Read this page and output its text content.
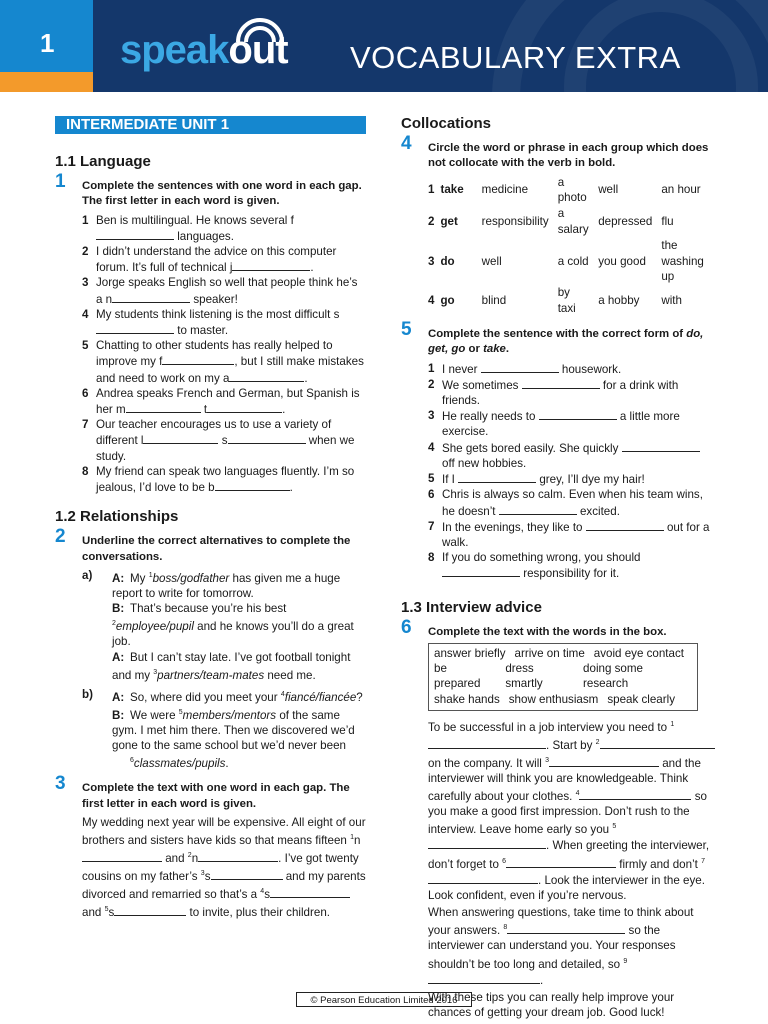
1	speakout VOCABULARY EXTRA
INTERMEDIATE UNIT 1
1.1 Language
1 Complete the sentences with one word in each gap. The first letter in each word is given.
1 Ben is multilingual. He knows several f languages.
2 I didn’t understand the advice on this computer forum. It’s full of technical j	.
3 Jorge speaks English so well that people think he’s a n	speaker!
4 My students think listening is the most difficult s to master.
5 Chatting to other students has really helped to improve my f	, but I still make mistakes and need to work on my a	.
6 Andrea speaks French and German, but Spanish is her m	t	.
7 Our teacher encourages us to use a variety of different l	s	when we study.
8 My friend can speak two languages fluently. I’m so jealous, I’d love to be b	.
1.2 Relationships
2 Underline the correct alternatives to complete the conversations.
a) A: My $^1$boss/godfather has given me a huge report to write for tomorrow.
B: That’s because you’re his best $^2$employee/pupil and he knows you’ll do a great job.
A: But I can’t stay late. I’ve got football tonight and my $^3$partners/team-mates need me.
b) A: So, where did you meet your $^4$fiancé/fiancée?
B: We were $^5$members/mentors of the same gym. I met him there. Then we discovered we’d gone to the same school but we’d never been
$^6$classmates/pupils.
3 Complete the text with one word in each gap. The first letter in each word is given.
My wedding next year will be expensive. All eight of our brothers and sisters have kids so that means fifteen $^1$n and $^2$n	. I’ve got twenty cousins on my father’s $^3$s	and my parents divorced and remarried so that’s a $^4$s and $^5$s	to invite, plus their children.
Collocations
4 Circle the word or phrase in each group which does not collocate with the verb in bold.
1	take	medicine	a photo	well	an hour
2	get	responsibility	a salary	depressed	flu
3	do	well	a cold	you good	the washing up
4	go	blind	by taxi	a hobby	with
5 Complete the sentence with the correct form of do, get, go or take.
1 I never	housework.
2 We sometimes	for a drink with friends.
3 He really needs to	a little more exercise.
4 She gets bored easily. She quickly  off new hobbies.
5 If I	grey, I’ll dye my hair!
6 Chris is always so calm. Even when his team wins, he doesn’t	excited.
7 In the evenings, they like to	out for a walk.
8 If you do something wrong, you should  responsibility for it.
1.3 Interview advice
6 Complete the text with the words in the box.
answer briefly arrive on time avoid eye contact
be prepared
dress smartly
doing some research
shake hands show enthusiasm speak clearly
To be successful in a job interview you need to $^1$. Start by $^2$ on the company. It will $^3$	and the interviewer will think you are knowledgeable. Think carefully about your clothes. $^4$	so you make a good first impression. Don’t rush to the interview. Leave home early so you $^5$. When greeting the interviewer, don’t forget to $^6$	firmly and don’t $^7$. Look the interviewer in the eye. Look confident, even if you’re nervous.
When answering questions, take time to think about your answers. $^8$	so the interviewer can understand you. Your responses shouldn’t be too long and detailed, so $^9$.
With these tips you can really help improve your chances of getting your dream job. Good luck!
© Pearson Education Limited 2016
